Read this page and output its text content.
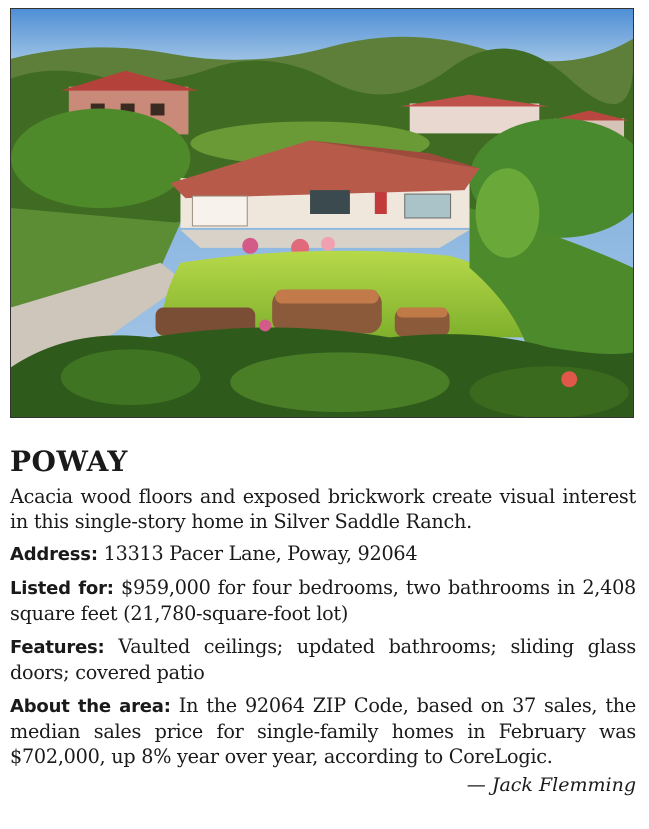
POWAY

Acacia wood floors and exposed brickwork create visual interest in this single-story home in Silver Saddle Ranch.

Address: 13313 Pacer Lane, Poway, 92064

Listed for: $959,000 for four bedrooms, two bathrooms in 2,408 square feet (21,780-square-foot lot)

Features: Vaulted ceilings; updated bathrooms; sliding glass doors; covered patio

About the area: In the 92064 ZIP Code, based on 37 sales, the median sales price for single-family homes in February was $702,000, up 8% year over year, according to CoreLogic.

— Jack Flemming
